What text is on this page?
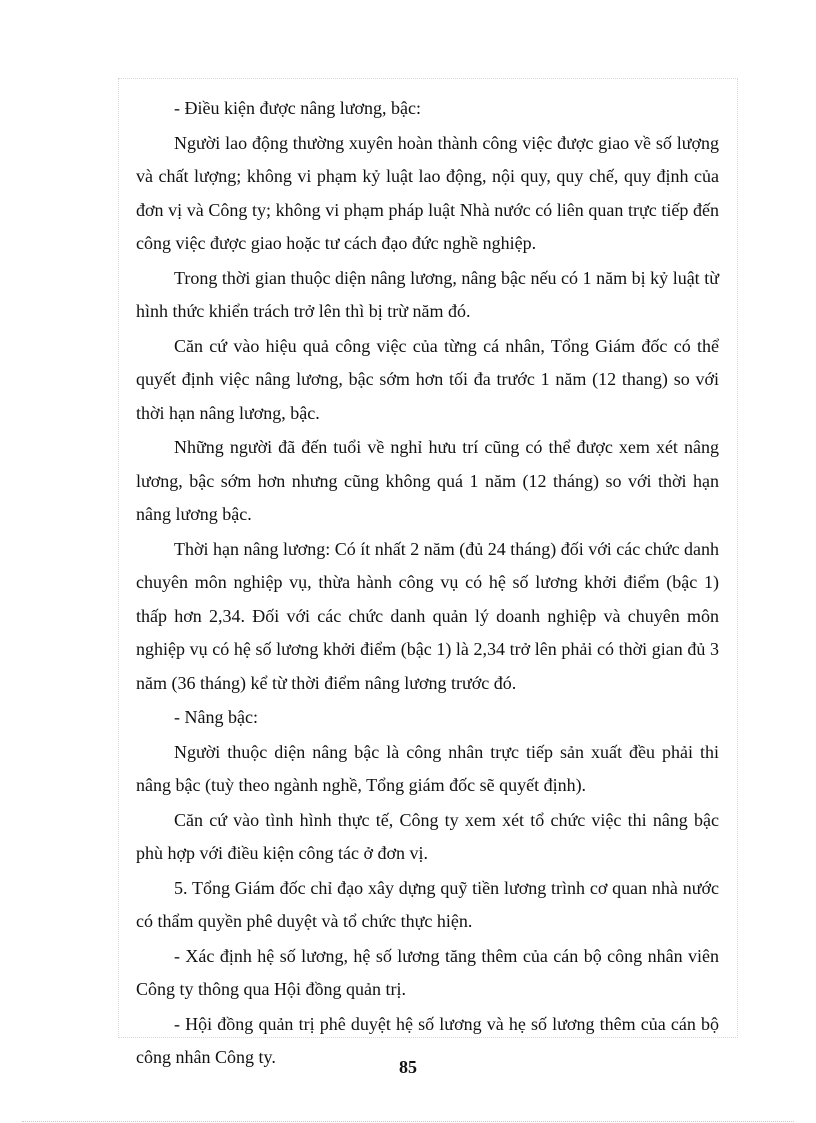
- Điều kiện được nâng lương, bậc:

Người lao động thường xuyên hoàn thành công việc được giao về số lượng và chất lượng; không vi phạm kỷ luật lao động, nội quy, quy chế, quy định của đơn vị và Công ty; không vi phạm pháp luật Nhà nước có liên quan trực tiếp đến công việc được giao hoặc tư cách đạo đức nghề nghiệp.

Trong thời gian thuộc diện nâng lương, nâng bậc nếu có 1 năm bị kỷ luật từ hình thức khiển trách trở lên thì bị trừ năm đó.

Căn cứ vào hiệu quả công việc của từng cá nhân, Tổng Giám đốc có thể quyết định việc nâng lương, bậc sớm hơn tối đa trước 1 năm (12 thang) so với thời hạn nâng lương, bậc.

Những người đã đến tuổi về nghỉ hưu trí cũng có thể được xem xét nâng lương, bậc sớm hơn nhưng cũng không quá 1 năm (12 tháng) so với thời hạn nâng lương bậc.

Thời hạn nâng lương: Có ít nhất 2 năm (đủ 24 tháng) đối với các chức danh chuyên môn nghiệp vụ, thừa hành công vụ có hệ số lương khởi điểm (bậc 1) thấp hơn 2,34. Đối với các chức danh quản lý doanh nghiệp và chuyên môn nghiệp vụ có hệ số lương khởi điểm (bậc 1) là 2,34 trở lên phải có thời gian đủ 3 năm (36 tháng) kể từ thời điểm nâng lương trước đó.

- Nâng bậc:

Người thuộc diện nâng bậc là công nhân trực tiếp sản xuất đều phải thi nâng bậc (tuỳ theo ngành nghề, Tổng giám đốc sẽ quyết định).

Căn cứ vào tình hình thực tế, Công ty xem xét tổ chức việc thi nâng bậc phù hợp với điều kiện công tác ở đơn vị.

5. Tổng Giám đốc chỉ đạo xây dựng quỹ tiền lương trình cơ quan nhà nước có thẩm quyền phê duyệt và tổ chức thực hiện.

- Xác định hệ số lương, hệ số lương tăng thêm của cán bộ công nhân viên Công ty thông qua Hội đồng quản trị.

- Hội đồng quản trị phê duyệt hệ số lương và hẹ số lương thêm của cán bộ công nhân Công ty.	85
